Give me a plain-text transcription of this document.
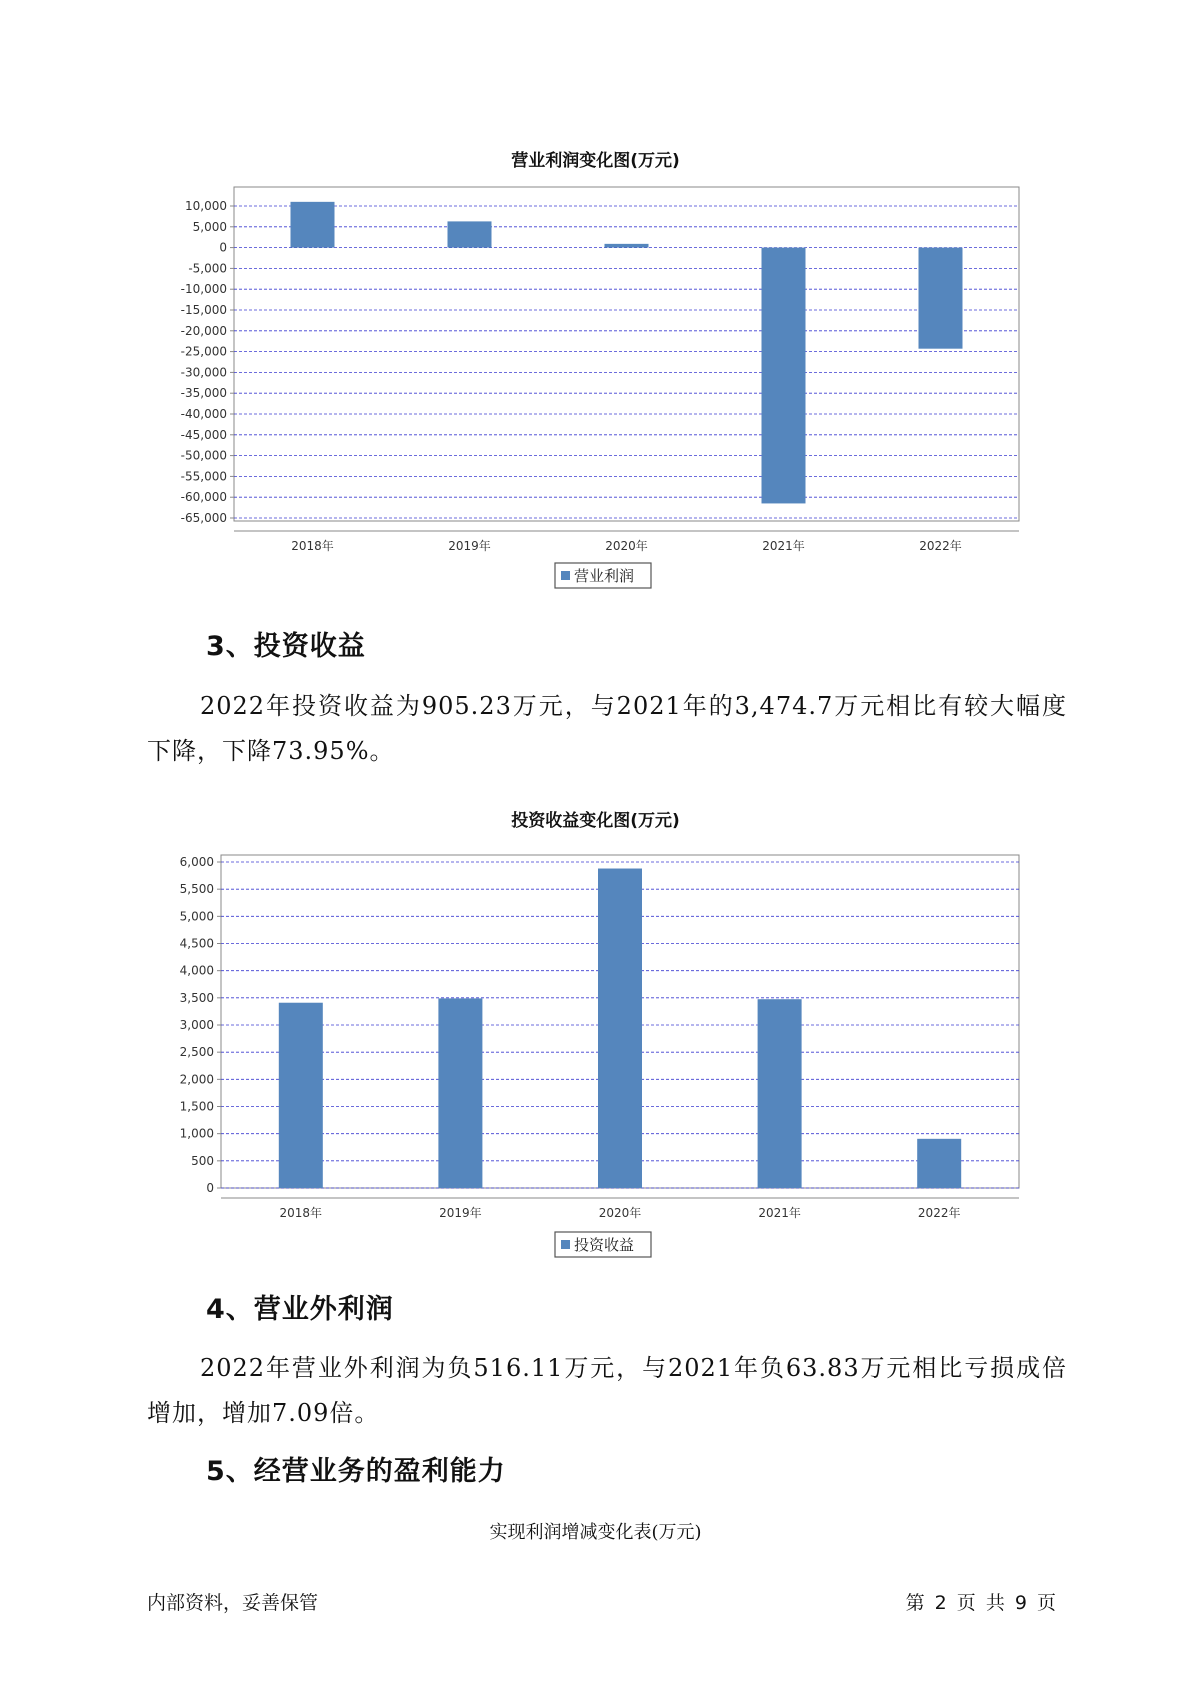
营业利润变化图(万元)
10,000
5,000
0
-5,000
-10,000
-15,000
-20,000
-25,000
-30,000
-35,000
-40,000
-45,000
-50,000
-55,000
-60,000
-65,000
2018年	2019年	2020年	2021年	2022年
营业利润
3、投资收益

2022年投资收益为905.23万元，与2021年的3,474.7万元相比有较大幅度下降，下降73.95%。

投资收益变化图(万元)
6,000
5,500
5,000
4,500
4,000
3,500
3,000
2,500
2,000
1,500
1,000
500
0
2018年	2019年	2020年	2021年	2022年
投资收益
4、营业外利润

2022年营业外利润为负516.11万元，与2021年负63.83万元相比亏损成倍增加，增加7.09倍。

5、经营业务的盈利能力
实现利润增减变化表(万元)
内部资料，妥善保管	第 2 页 共 9 页
